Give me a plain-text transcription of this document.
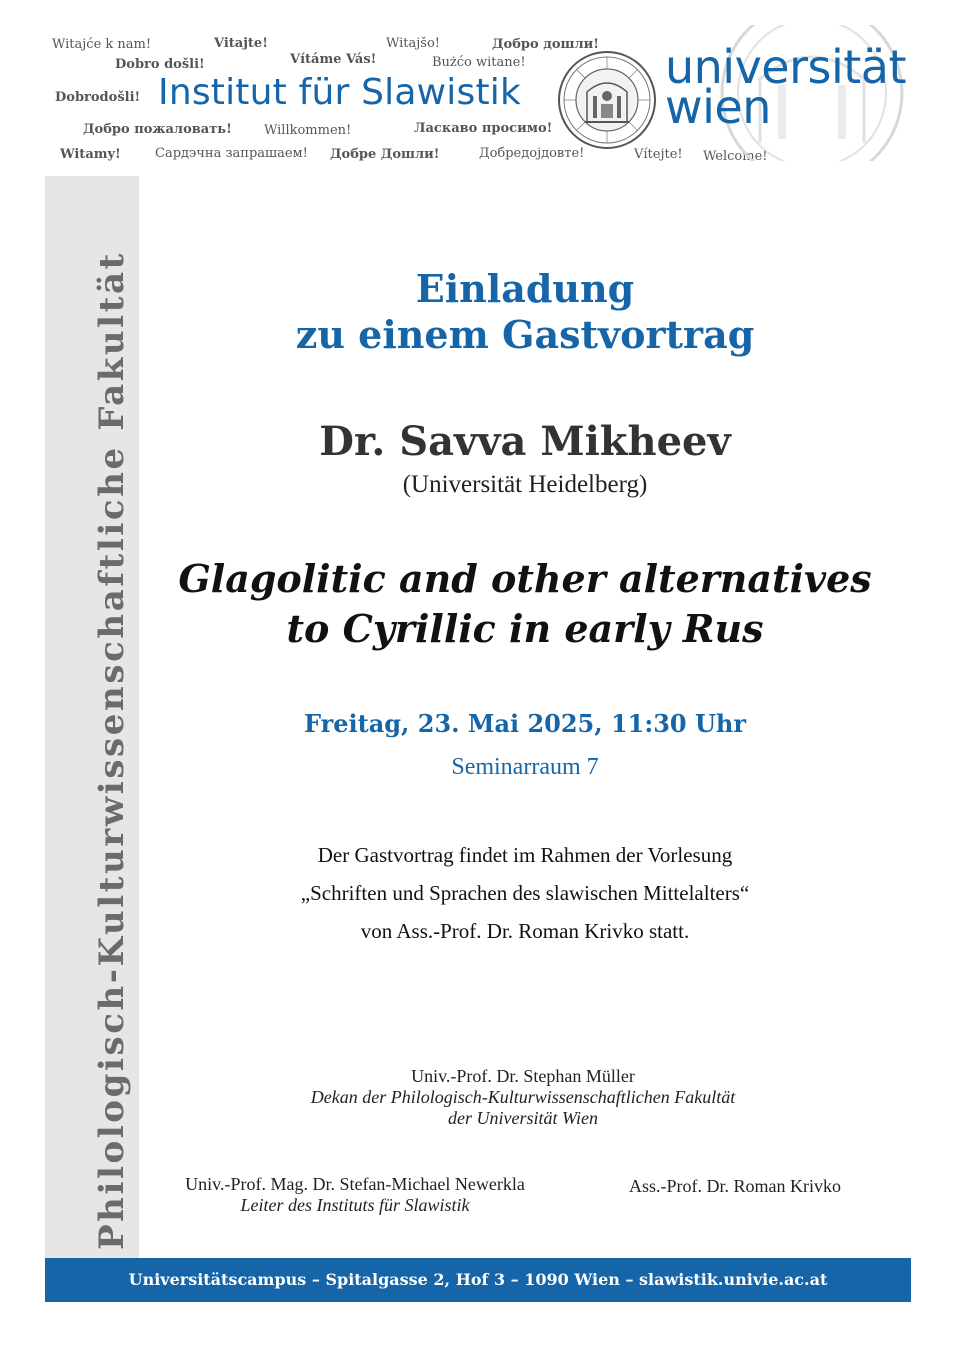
Witajće k nam!	Vitajte!	Witajšo!	Добро дошли!
Dobro došli!	Vítáme Vás!	Bużćo witane!
Dobrodošli!
Добро пожаловать! Willkommen!	Ласкаво просимо!
Witamy!	Сардэчна запрашаем! Добре Дошли!	Добредојдовте!	Vítejte! Welcome!
Institut für Slawistik	universität
wien
Philologisch-Kulturwissenschaftliche Fakultät	Einladung
zu einem Gastvortrag
Dr. Savva Mikheev
(Universität Heidelberg)
Glagolitic and other alternatives
to Cyrillic in early Rus
Freitag, 23. Mai 2025, 11:30 Uhr
Seminarraum 7
Der Gastvortrag findet im Rahmen der Vorlesung
„Schriften und Sprachen des slawischen Mittelalters“
von Ass.-Prof. Dr. Roman Krivko statt.
Univ.-Prof. Dr. Stephan Müller
Dekan der Philologisch-Kulturwissenschaftlichen Fakultät
der Universität Wien
Univ.-Prof. Mag. Dr. Stefan-Michael Newerkla
Leiter des Instituts für Slawistik
Ass.-Prof. Dr. Roman Krivko
Universitätscampus – Spitalgasse 2, Hof 3 – 1090 Wien – slawistik.univie.ac.at
